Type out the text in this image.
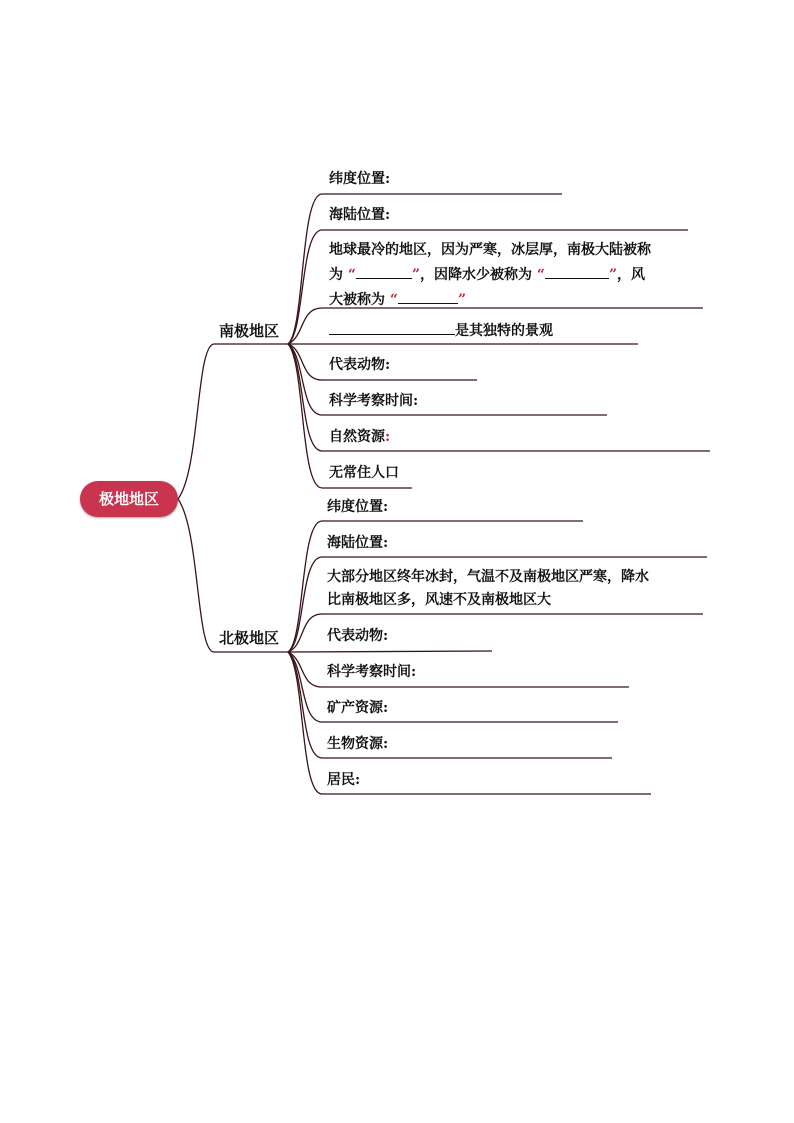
极地地区
南极地区
纬度位置:
海陆位置:
地球最冷的地区，因为严寒，冰层厚，南极大陆被称
为 “	”，因降水少被称为 “	”，风
大被称为 “	”
是其独特的景观
代表动物:
科学考察时间:
自然资源:
无常住人口
北极地区
纬度位置:
海陆位置:
大部分地区终年冰封，气温不及南极地区严寒，降水
比南极地区多，风速不及南极地区大
代表动物:
科学考察时间:
矿产资源:
生物资源:
居民:
